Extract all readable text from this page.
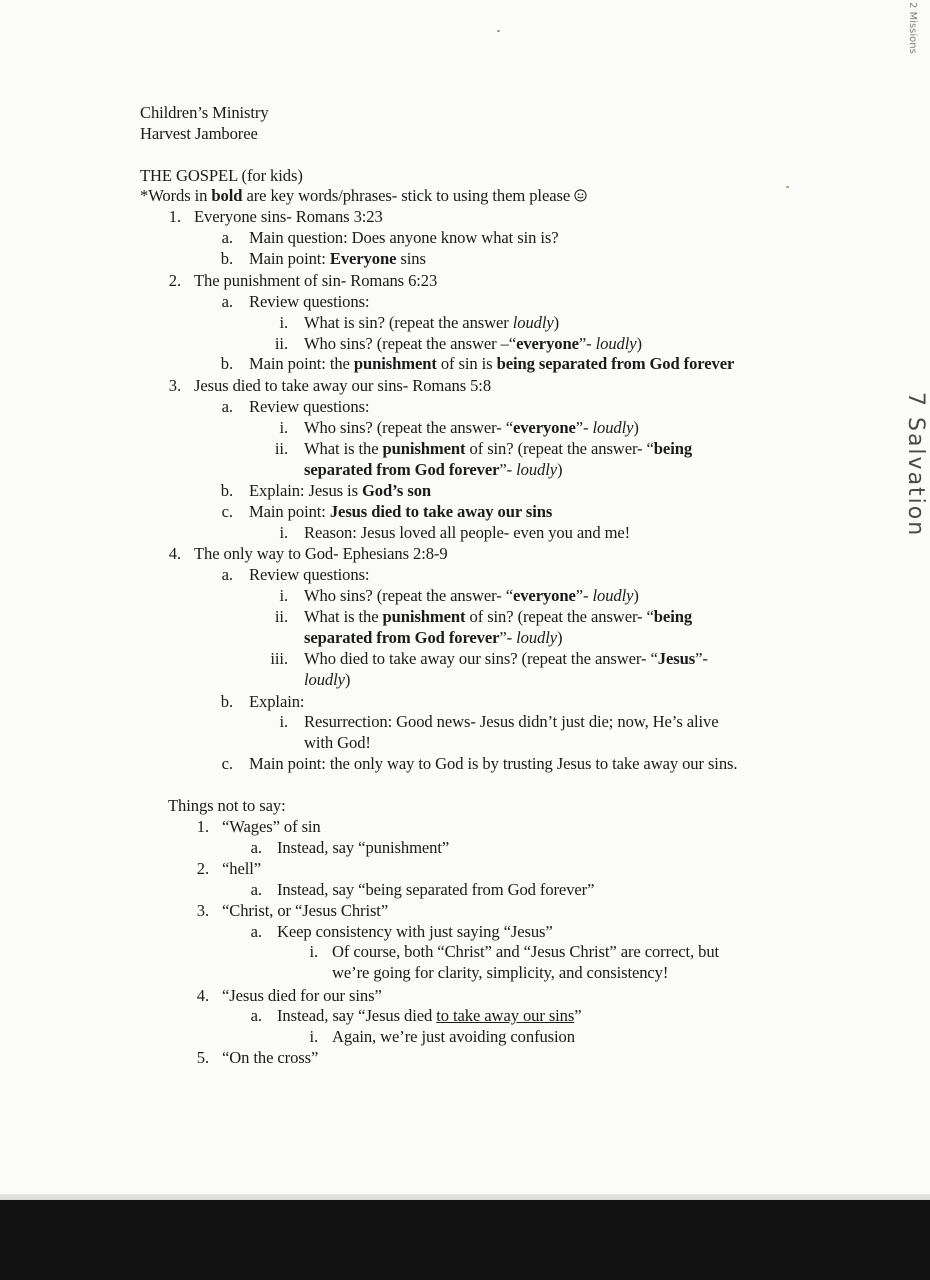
Children’s Ministry
Harvest Jamboree
THE GOSPEL (for kids)
*Words in bold are key words/phrases- stick to using them please
1. Everyone sins- Romans 3:23
a. Main question: Does anyone know what sin is?
b. Main point: Everyone sins
2. The punishment of sin- Romans 6:23
a. Review questions:
i. What is sin? (repeat the answer loudly)
ii. Who sins? (repeat the answer –“everyone”- loudly)
b. Main point: the punishment of sin is being separated from God forever
3. Jesus died to take away our sins- Romans 5:8
a. Review questions:
i. Who sins? (repeat the answer- “everyone”- loudly)
ii. What is the punishment of sin? (repeat the answer- “being
separated from God forever”- loudly)
b. Explain: Jesus is God’s son
c. Main point: Jesus died to take away our sins
i. Reason: Jesus loved all people- even you and me!
4. The only way to God- Ephesians 2:8-9
a. Review questions:
i. Who sins? (repeat the answer- “everyone”- loudly)
ii. What is the punishment of sin? (repeat the answer- “being
separated from God forever”- loudly)
iii. Who died to take away our sins? (repeat the answer- “Jesus”-
loudly)
b. Explain:
i. Resurrection: Good news- Jesus didn’t just die; now, He’s alive
with God!
c. Main point: the only way to God is by trusting Jesus to take away our sins.
Things not to say:
1. “Wages” of sin
a. Instead, say “punishment”
2. “hell”
a. Instead, say “being separated from God forever”
3. “Christ, or “Jesus Christ”
a. Keep consistency with just saying “Jesus”
i. Of course, both “Christ” and “Jesus Christ” are correct, but
we’re going for clarity, simplicity, and consistency!
4. “Jesus died for our sins”
a. Instead, say “Jesus died to take away our sins”
i. Again, we’re just avoiding confusion
5. “On the cross”
2 Missions
7 Salvation
